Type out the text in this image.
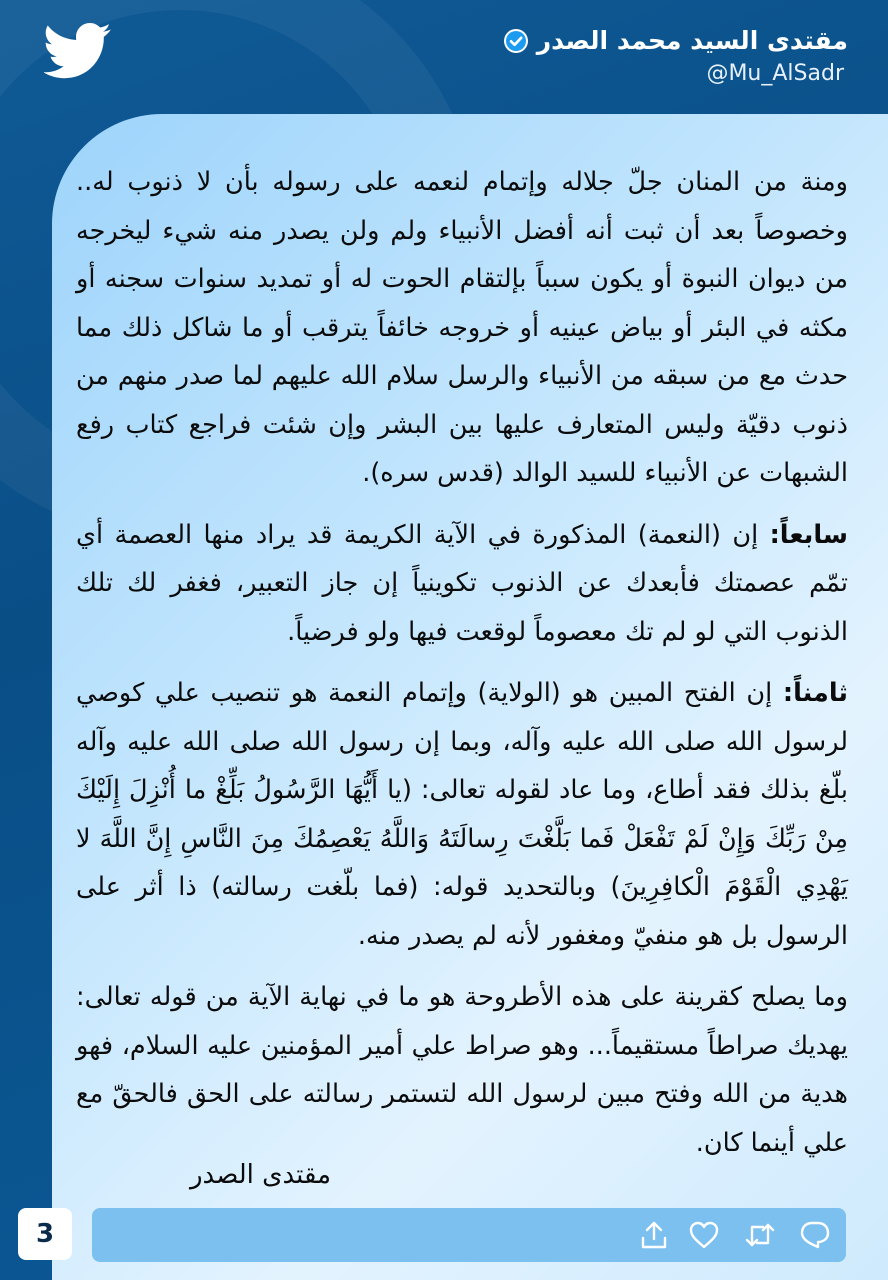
مقتدى السيد محمد الصدر
@Mu_AlSadr

ومنة من المنان جلّ جلاله وإتمام لنعمه على رسوله بأن لا ذنوب له.. وخصوصاً بعد أن ثبت أنه أفضل الأنبياء ولم ولن يصدر منه شيء ليخرجه من ديوان النبوة أو يكون سبباً بإلتقام الحوت له أو تمديد سنوات سجنه أو مكثه في البئر أو بياض عينيه أو خروجه خائفاً يترقب أو ما شاكل ذلك مما حدث مع من سبقه من الأنبياء والرسل سلام الله عليهم لما صدر منهم من ذنوب دقيّة وليس المتعارف عليها بين البشر وإن شئت فراجع كتاب رفع الشبهات عن الأنبياء للسيد الوالد (قدس سره).

سابعاً: إن (النعمة) المذكورة في الآية الكريمة قد يراد منها العصمة أي تمّم عصمتك فأبعدك عن الذنوب تكوينياً إن جاز التعبير، فغفر لك تلك الذنوب التي لو لم تك معصوماً لوقعت فيها ولو فرضياً.

ثامناً: إن الفتح المبين هو (الولاية) وإتمام النعمة هو تنصيب علي كوصي لرسول الله صلى الله عليه وآله، وبما إن رسول الله صلى الله عليه وآله بلّغ بذلك فقد أطاع، وما عاد لقوله تعالى: (يا أَيُّهَا الرَّسُولُ بَلِّغْ ما أُنْزِلَ إِلَيْكَ مِنْ رَبِّكَ وَإِنْ لَمْ تَفْعَلْ فَما بَلَّغْتَ رِسالَتَهُ وَاللَّهُ يَعْصِمُكَ مِنَ النَّاسِ إِنَّ اللَّهَ لا يَهْدِي الْقَوْمَ الْكافِرِينَ) وبالتحديد قوله: (فما بلّغت رسالته) ذا أثر على الرسول بل هو منفيّ ومغفور لأنه لم يصدر منه.

وما يصلح كقرينة على هذه الأطروحة هو ما في نهاية الآية من قوله تعالى: يهديك صراطاً مستقيماً... وهو صراط علي أمير المؤمنين عليه السلام، فهو هدية من الله وفتح مبين لرسول الله لتستمر رسالته على الحق فالحقّ مع علي أينما كان.

مقتدى الصدر
3
